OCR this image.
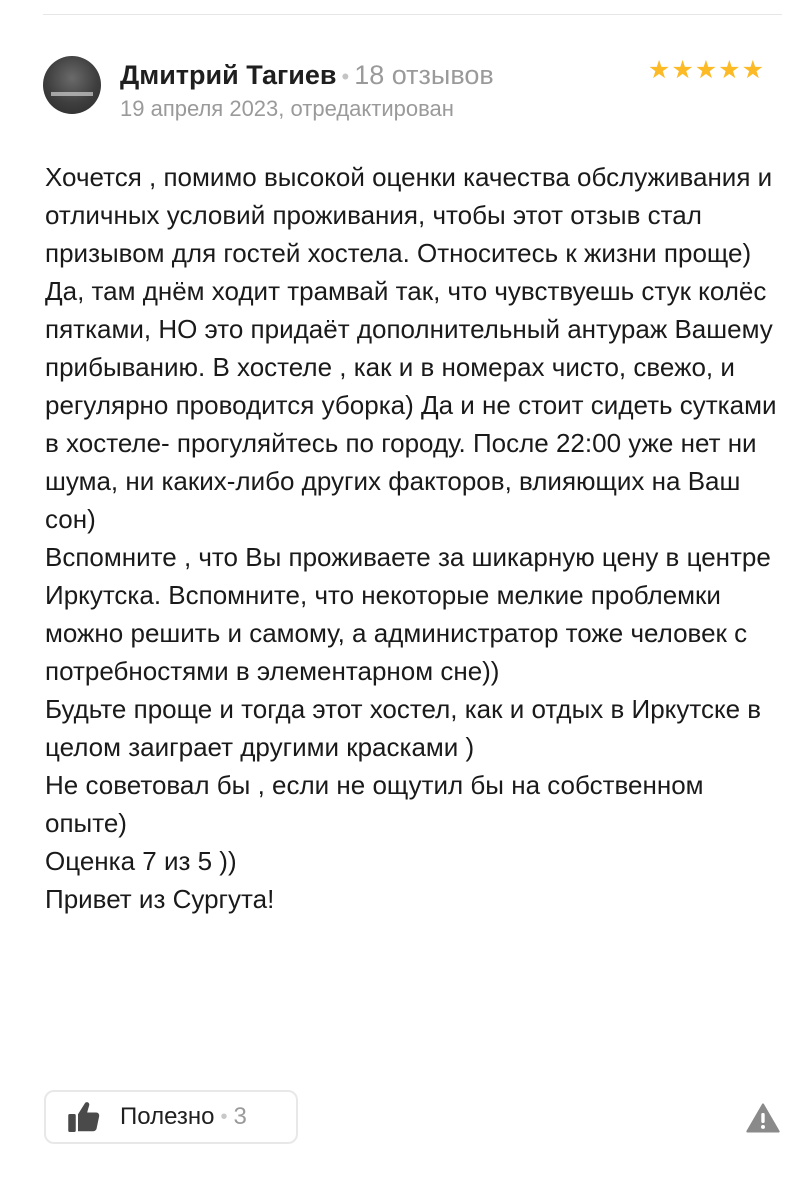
Дмитрий Тагиев • 18 отзывов
19 апреля 2023, отредактирован
★ ★ ★ ★ ★
Хочется , помимо высокой оценки качества обслуживания и отличных условий проживания, чтобы этот отзыв стал призывом для гостей хостела. Относитесь к жизни проще) Да, там днём ходит трамвай так, что чувствуешь стук колёс пятками, НО это придаёт дополнительный антураж Вашему прибыванию. В хостеле , как и в номерах чисто, свежо, и регулярно проводится уборка) Да и не стоит сидеть сутками в хостеле- прогуляйтесь по городу. После 22:00 уже нет ни шума, ни каких-либо других факторов, влияющих на Ваш сон)
Вспомните , что Вы проживаете за шикарную цену в центре Иркутска. Вспомните, что некоторые мелкие проблемки можно решить и самому, а администратор тоже человек с потребностями в элементарном сне))
Будьте проще и тогда этот хостел, как и отдых в Иркутске в целом заиграет другими красками )
Не советовал бы , если не ощутил бы на собственном опыте)
Оценка 7 из 5 ))
Привет из Сургута!
Полезно • 3
